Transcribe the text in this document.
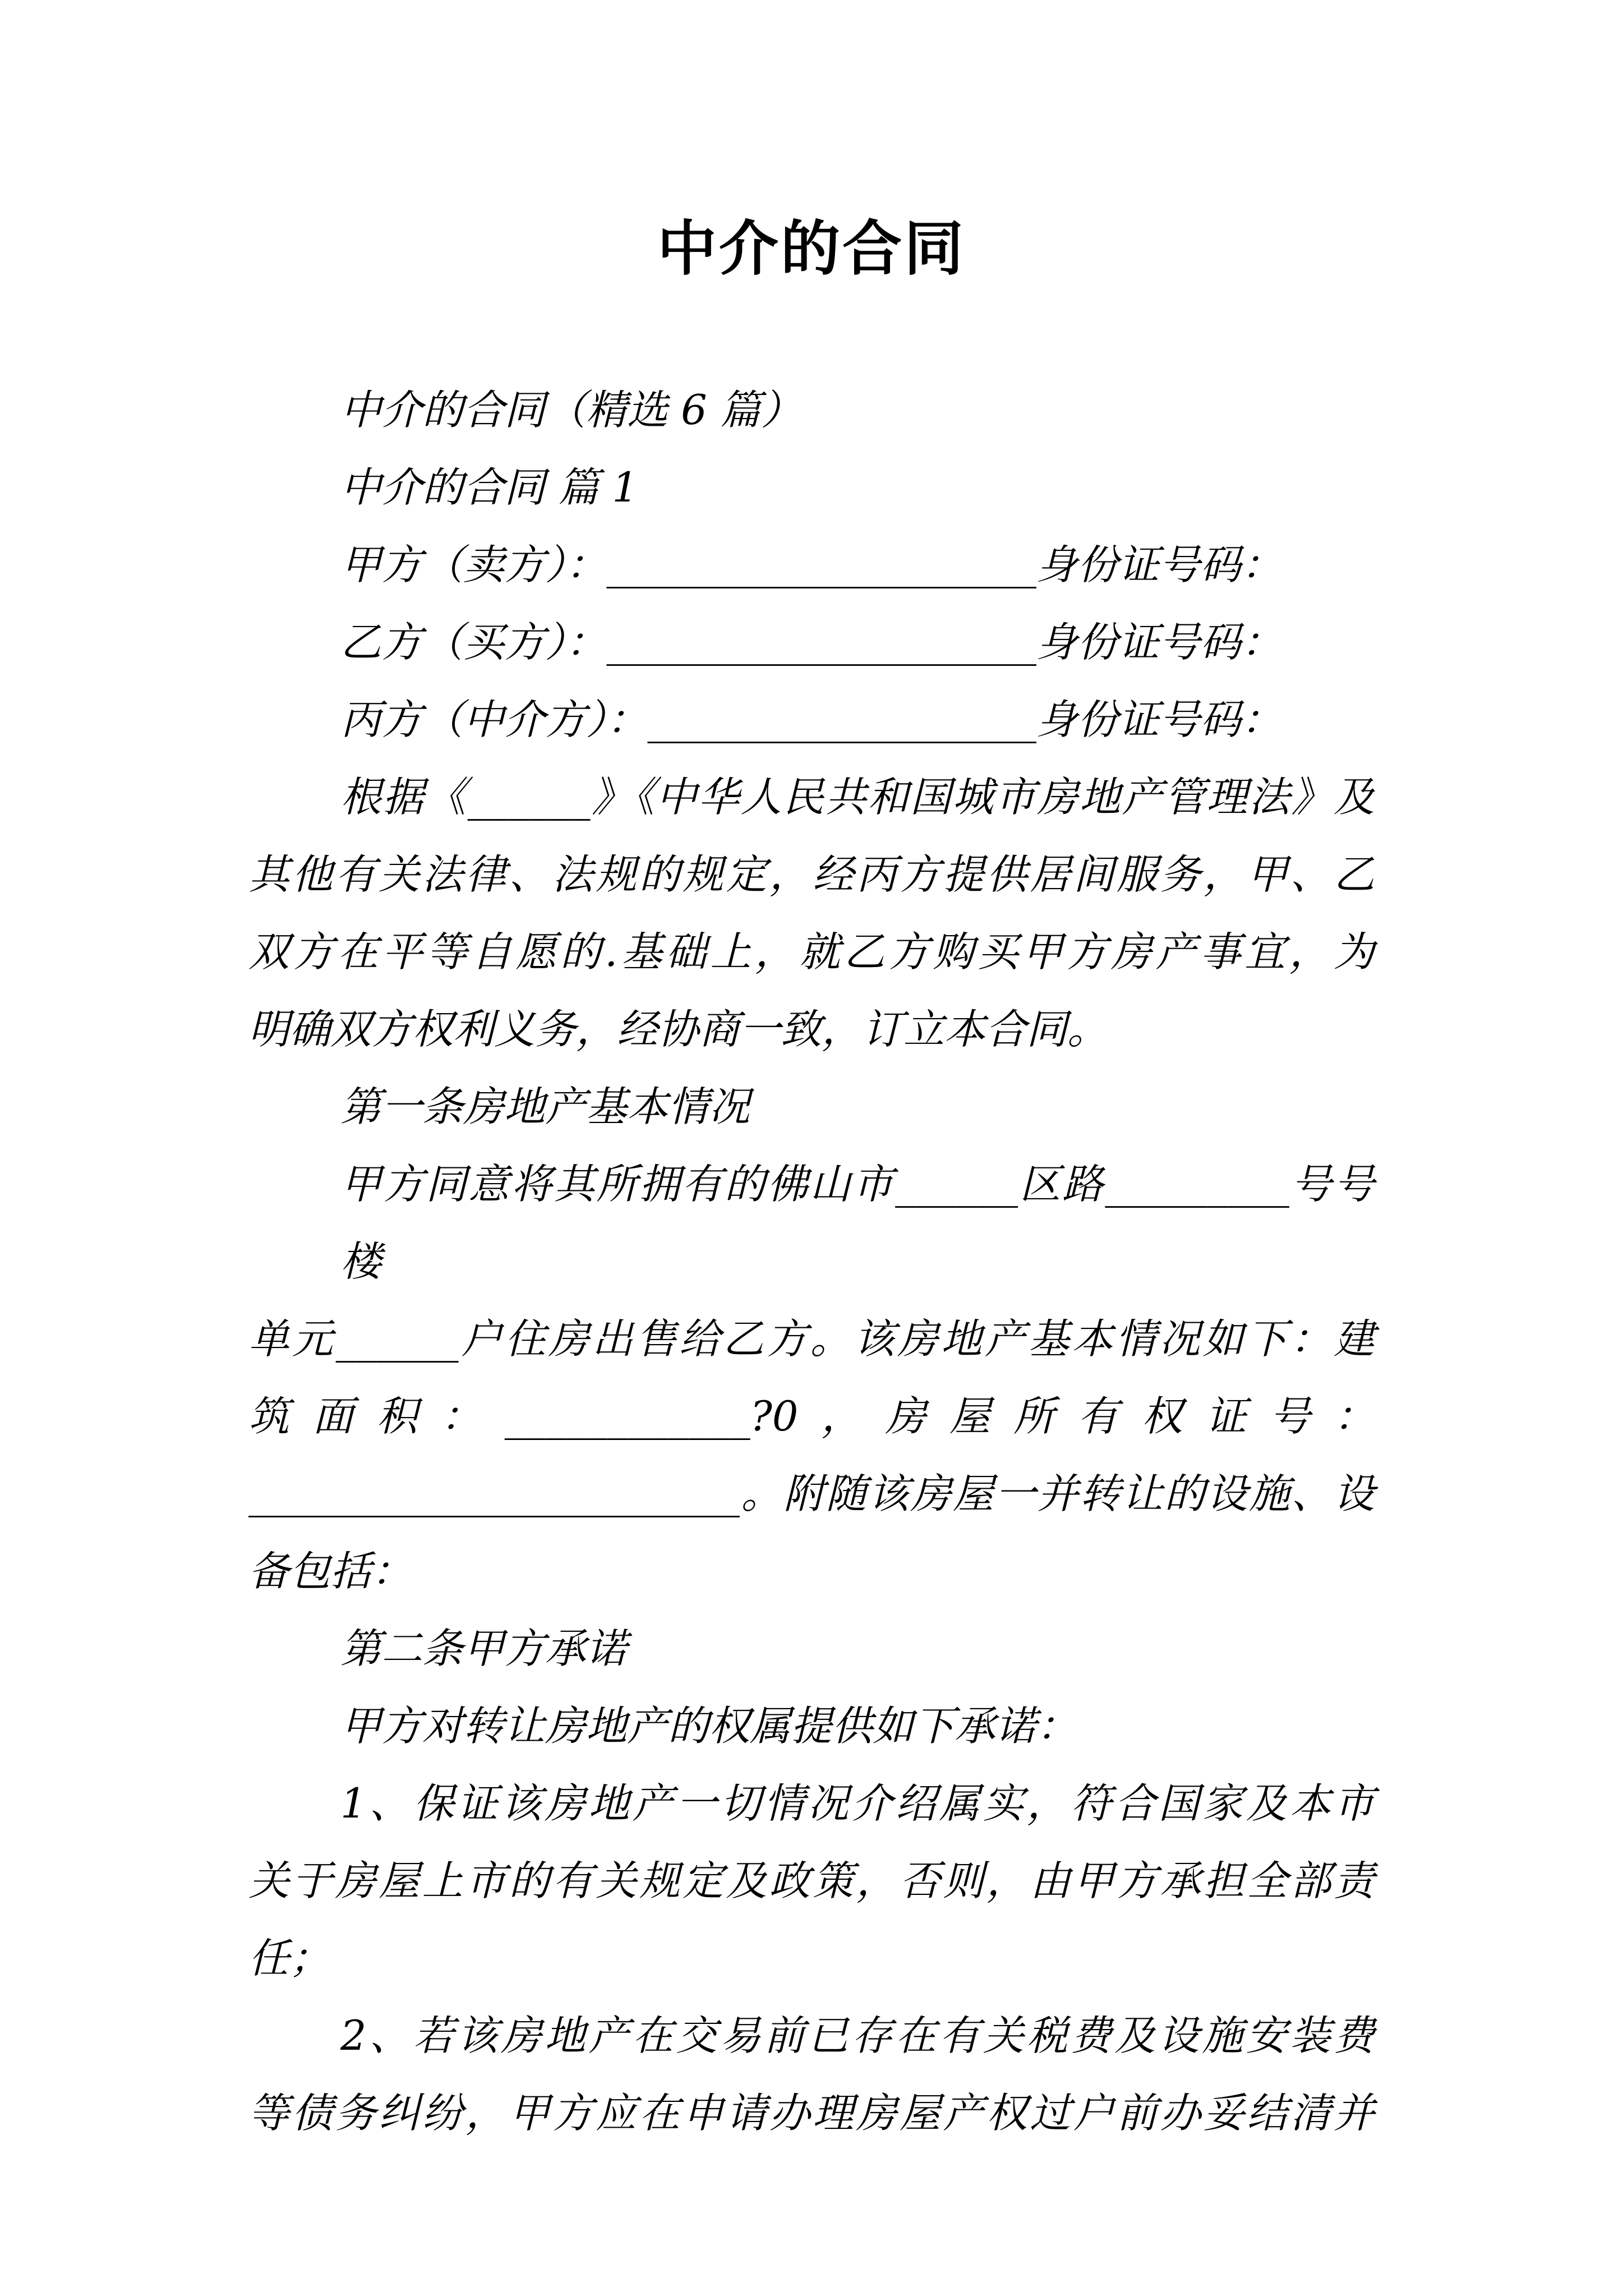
中介的合同
中介的合同（精选 6 篇）
中介的合同 篇 1
甲方（卖方）：_____________________身份证号码：
乙方（买方）：_____________________身份证号码：
丙方（中介方）：___________________身份证号码：
根据《______》《中华人民共和国城市房地产管理法》及
其他有关法律、法规的规定，经丙方提供居间服务，甲、乙
双方在平等自愿的.基础上，就乙方购买甲方房产事宜，为
明确双方权利义务，经协商一致，订立本合同。
第一条房地产基本情况
甲方同意将其所拥有的佛山市______区路_________号号楼
单元______户住房出售给乙方。该房地产基本情况如下：建
筑面积：____________?0，房屋所有权证号：
________________________。附随该房屋一并转让的设施、设
备包括：
第二条甲方承诺
甲方对转让房地产的权属提供如下承诺：
1、保证该房地产一切情况介绍属实，符合国家及本市
关于房屋上市的有关规定及政策，否则，由甲方承担全部责
任；
2、若该房地产在交易前已存在有关税费及设施安装费
等债务纠纷，甲方应在申请办理房屋产权过户前办妥结清并
